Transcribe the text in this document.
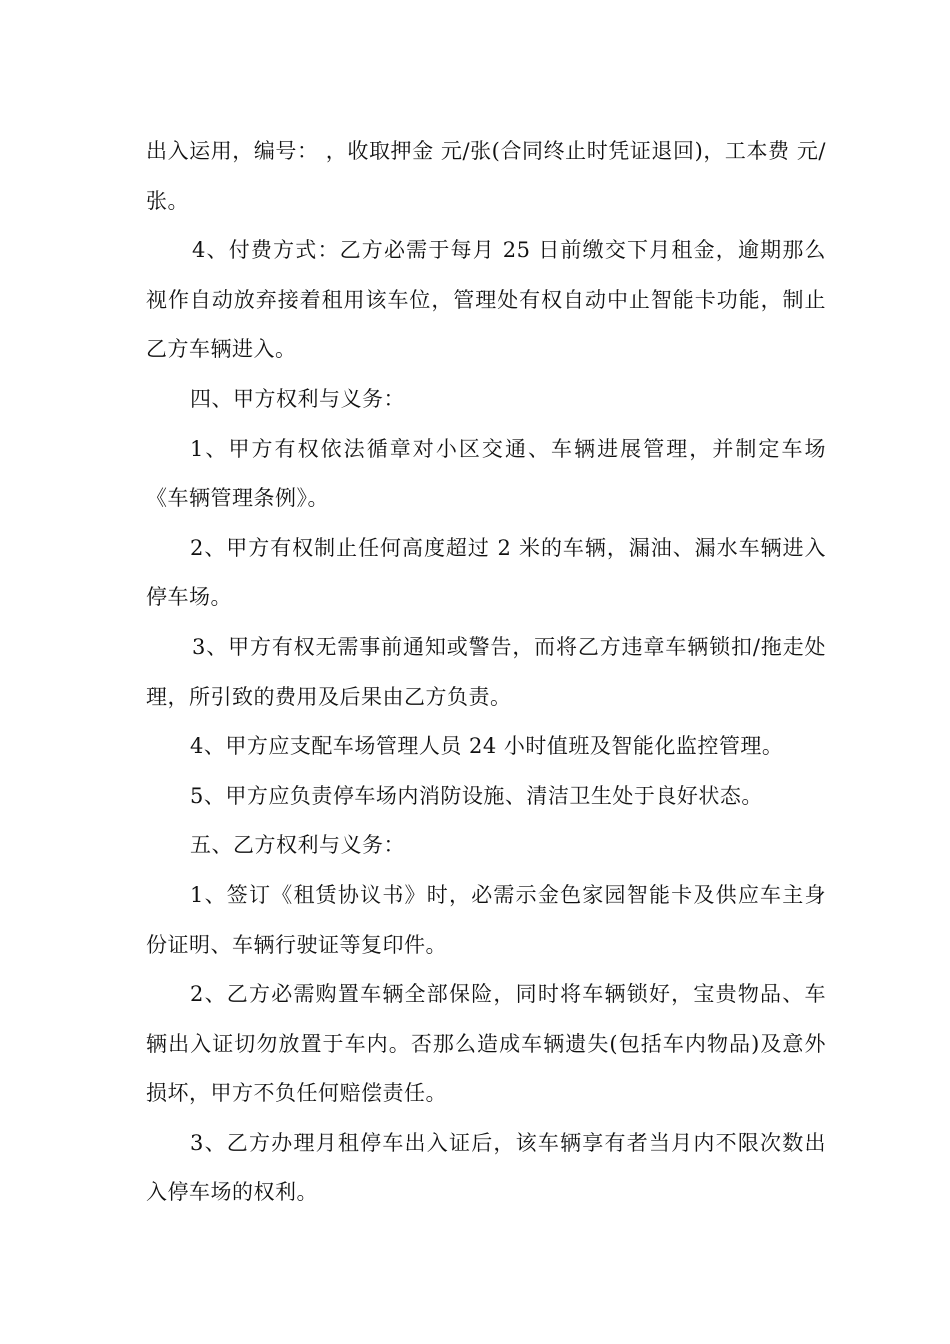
出入运用，编号： ，收取押金 元/张(合同终止时凭证退回)，工本费 元/张。

4、付费方式：乙方必需于每月 25 日前缴交下月租金，逾期那么视作自动放弃接着租用该车位，管理处有权自动中止智能卡功能，制止乙方车辆进入。

四、甲方权利与义务：

1、甲方有权依法循章对小区交通、车辆进展管理，并制定车场《车辆管理条例》。

2、甲方有权制止任何高度超过 2 米的车辆，漏油、漏水车辆进入停车场。

3、甲方有权无需事前通知或警告，而将乙方违章车辆锁扣/拖走处理，所引致的费用及后果由乙方负责。

4、甲方应支配车场管理人员 24 小时值班及智能化监控管理。

5、甲方应负责停车场内消防设施、清洁卫生处于良好状态。

五、乙方权利与义务：

1、签订《租赁协议书》时，必需示金色家园智能卡及供应车主身份证明、车辆行驶证等复印件。

2、乙方必需购置车辆全部保险，同时将车辆锁好，宝贵物品、车辆出入证切勿放置于车内。否那么造成车辆遗失(包括车内物品)及意外损坏，甲方不负任何赔偿责任。

3、乙方办理月租停车出入证后，该车辆享有者当月内不限次数出入停车场的权利。
